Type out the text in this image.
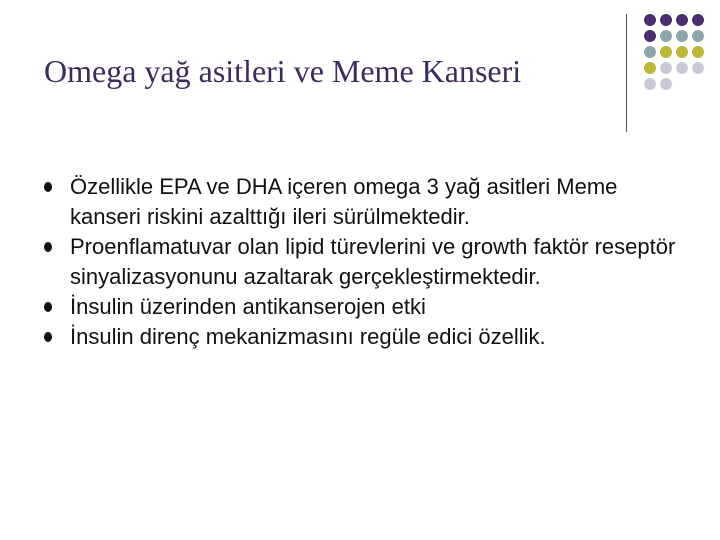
Omega yağ asitleri ve Meme Kanseri
Özellikle EPA ve DHA içeren omega 3 yağ asitleri Meme kanseri riskini azalttığı ileri sürülmektedir.
Proenflamatuvar olan lipid türevlerini ve growth faktör reseptör sinyalizasyonunu azaltarak gerçekleştirmektedir.
İnsulin üzerinden antikanserojen etki
İnsulin direnç mekanizmasını regüle edici özellik.
